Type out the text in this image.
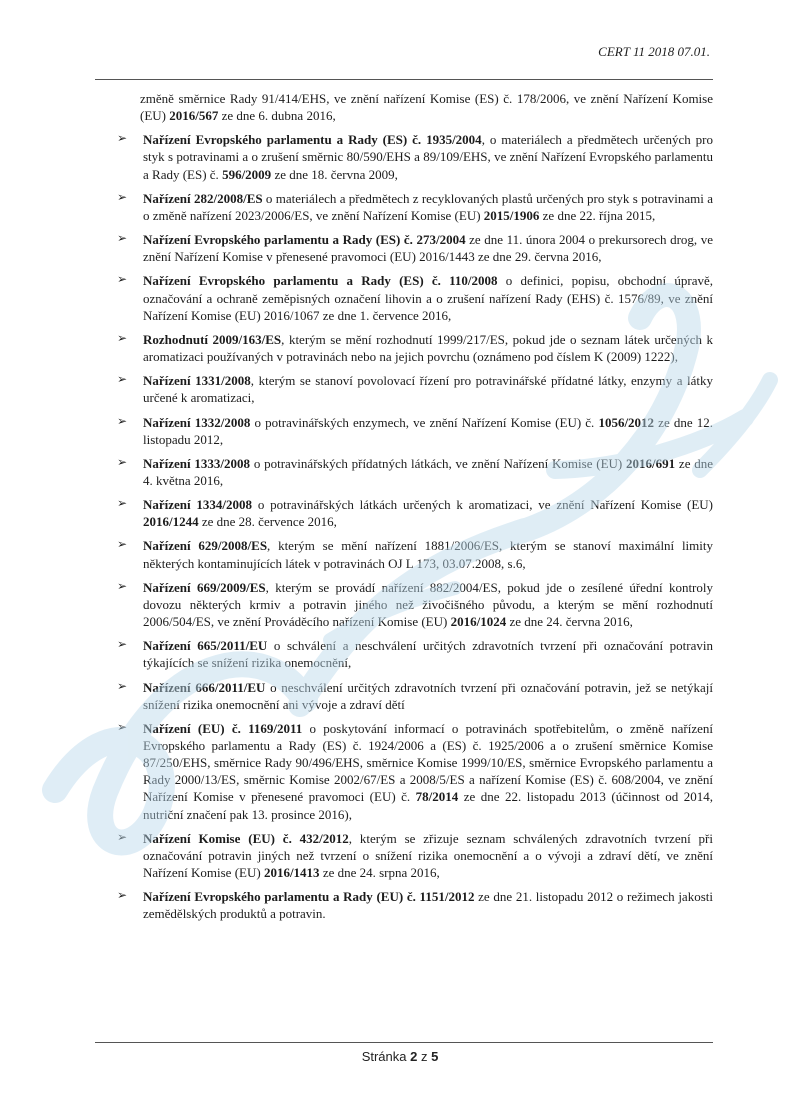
CERT 11 2018 07.01.

změně směrnice Rady 91/414/EHS, ve znění nařízení Komise (ES) č. 178/2006, ve znění Nařízení Komise (EU) 2016/567 ze dne 6. dubna 2016,

➢ Nařízení Evropského parlamentu a Rady (ES) č. 1935/2004, o materiálech a předmětech určených pro styk s potravinami a o zrušení směrnic 80/590/EHS a 89/109/EHS, ve znění Nařízení Evropského parlamentu a Rady (ES) č. 596/2009 ze dne 18. června 2009,
➢ Nařízení 282/2008/ES o materiálech a předmětech z recyklovaných plastů určených pro styk s potravinami a o změně nařízení 2023/2006/ES, ve znění Nařízení Komise (EU) 2015/1906 ze dne 22. října 2015,
➢ Nařízení Evropského parlamentu a Rady (ES) č. 273/2004 ze dne 11. února 2004 o prekursorech drog, ve znění Nařízení Komise v přenesené pravomoci (EU) 2016/1443 ze dne 29. června 2016,
➢ Nařízení Evropského parlamentu a Rady (ES) č. 110/2008 o definici, popisu, obchodní úpravě, označování a ochraně zeměpisných označení lihovin a o zrušení nařízení Rady (EHS) č. 1576/89, ve znění Nařízení Komise (EU) 2016/1067 ze dne 1. července 2016,
➢ Rozhodnutí 2009/163/ES, kterým se mění rozhodnutí 1999/217/ES, pokud jde o seznam látek určených k aromatizaci používaných v potravinách nebo na jejich povrchu (oznámeno pod číslem K (2009) 1222),
➢ Nařízení 1331/2008, kterým se stanoví povolovací řízení pro potravinářské přídatné látky, enzymy a látky určené k aromatizaci,
➢ Nařízení 1332/2008 o potravinářských enzymech, ve znění Nařízení Komise (EU) č. 1056/2012 ze dne 12. listopadu 2012,
➢ Nařízení 1333/2008 o potravinářských přídatných látkách, ve znění Nařízení Komise (EU) 2016/691 ze dne 4. května 2016,
➢ Nařízení 1334/2008 o potravinářských látkách určených k aromatizaci, ve znění Nařízení Komise (EU) 2016/1244 ze dne 28. července 2016,
➢ Nařízení 629/2008/ES, kterým se mění nařízení 1881/2006/ES, kterým se stanoví maximální limity některých kontaminujících látek v potravinách OJ L 173, 03.07.2008, s.6,
➢ Nařízení 669/2009/ES, kterým se provádí nařízení 882/2004/ES, pokud jde o zesílené úřední kontroly dovozu některých krmiv a potravin jiného než živočišného původu, a kterým se mění rozhodnutí 2006/504/ES, ve znění Prováděcího nařízení Komise (EU) 2016/1024 ze dne 24. června 2016,
➢ Nařízení 665/2011/EU o schválení a neschválení určitých zdravotních tvrzení při označování potravin týkajících se snížení rizika onemocnění,
➢ Nařízení 666/2011/EU o neschválení určitých zdravotních tvrzení při označování potravin, jež se netýkají snížení rizika onemocnění ani vývoje a zdraví dětí
➢ Nařízení (EU) č. 1169/2011 o poskytování informací o potravinách spotřebitelům, o změně nařízení Evropského parlamentu a Rady (ES) č. 1924/2006 a (ES) č. 1925/2006 a o zrušení směrnice Komise 87/250/EHS, směrnice Rady 90/496/EHS, směrnice Komise 1999/10/ES, směrnice Evropského parlamentu a Rady 2000/13/ES, směrnic Komise 2002/67/ES a 2008/5/ES a nařízení Komise (ES) č. 608/2004, ve znění Nařízení Komise v přenesené pravomoci (EU) č. 78/2014 ze dne 22. listopadu 2013 (účinnost od 2014, nutriční značení pak 13. prosince 2016),
➢ Nařízení Komise (EU) č. 432/2012, kterým se zřizuje seznam schválených zdravotních tvrzení při označování potravin jiných než tvrzení o snížení rizika onemocnění a o vývoji a zdraví dětí, ve znění Nařízení Komise (EU) 2016/1413 ze dne 24. srpna 2016,
➢ Nařízení Evropského parlamentu a Rady (EU) č. 1151/2012 ze dne 21. listopadu 2012 o režimech jakosti zemědělských produktů a potravin.
Stránka 2 z 5
